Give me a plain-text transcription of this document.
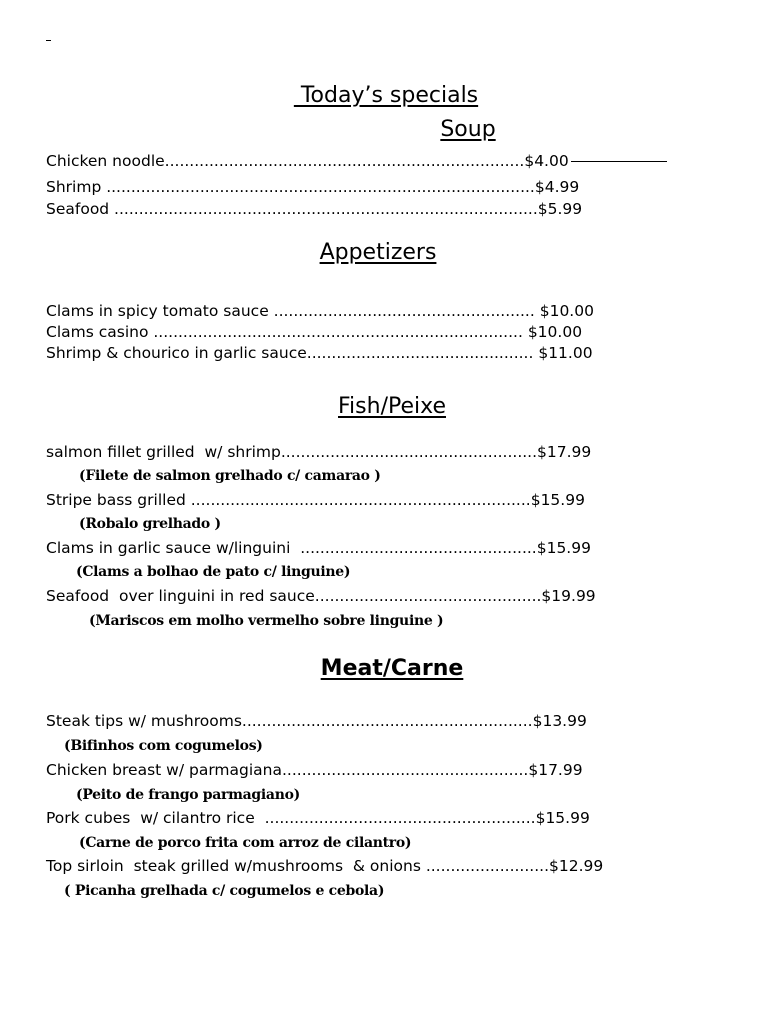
Today’s specials
Soup
Chicken noodle.........................................................................$4.00
Shrimp .......................................................................................$4.99
Seafood ......................................................................................$5.99
Appetizers
Clams in spicy tomato sauce ..................................................... $10.00
Clams casino ........................................................................... $10.00
Shrimp & chourico in garlic sauce.............................................. $11.00
Fish/Peixe
salmon fillet grilled  w/ shrimp....................................................$17.99
(Filete de salmon grelhado c/ camarao )
Stripe bass grilled .....................................................................$15.99
(Robalo grelhado )
Clams in garlic sauce w/linguini  ................................................$15.99
(Clams a bolhao de pato c/ linguine)
Seafood  over linguini in red sauce..............................................$19.99
(Mariscos em molho vermelho sobre linguine )
Meat/Carne
Steak tips w/ mushrooms...........................................................$13.99
(Bifinhos com cogumelos)
Chicken breast w/ parmagiana..................................................$17.99
(Peito de frango parmagiano)
Pork cubes  w/ cilantro rice  .......................................................$15.99
(Carne de porco frita com arroz de cilantro)
Top sirloin  steak grilled w/mushrooms  & onions .........................$12.99
( Picanha grelhada c/ cogumelos e cebola)
